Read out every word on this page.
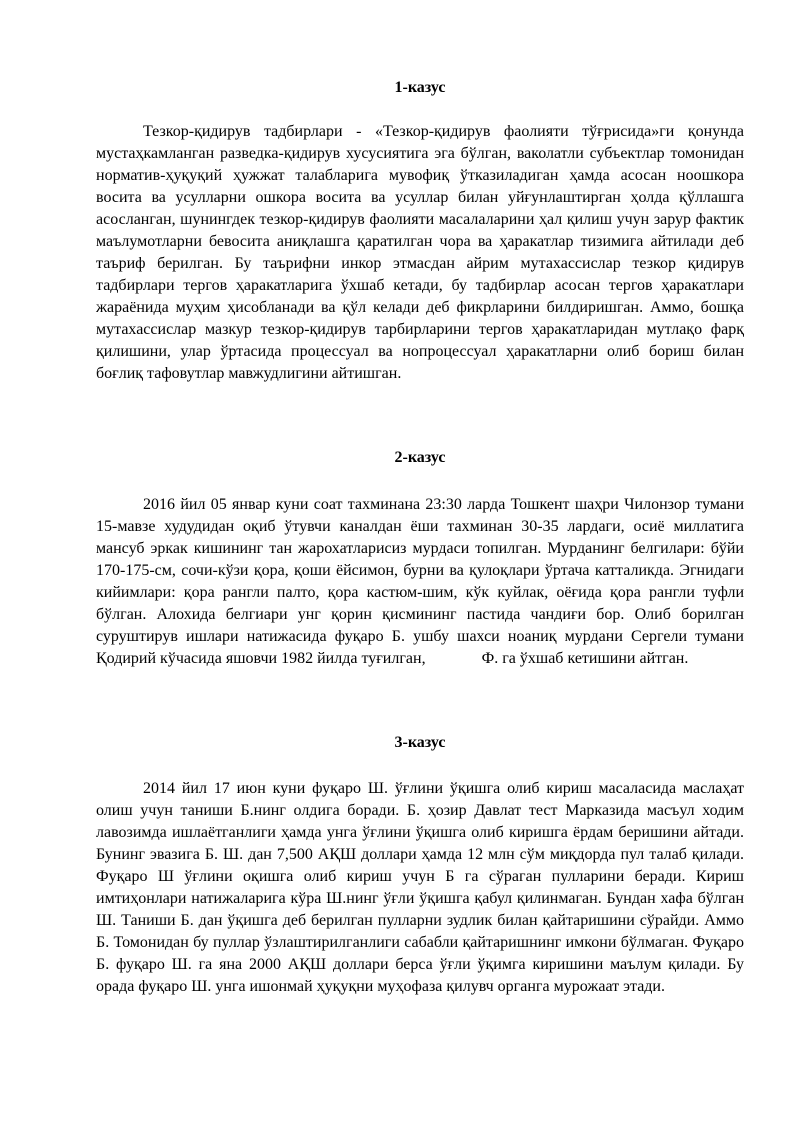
1-казус

Тезкор-қидирув тадбирлари - «Тезкор-қидирув фаолияти тўғрисида»ги қонунда мустаҳкамланган разведка-қидирув хусусиятига эга бўлган, ваколатли субъектлар томонидан норматив-ҳуқуқий ҳужжат талабларига мувофиқ ўтказиладиган ҳамда асосан ноошкора восита ва усулларни ошкора восита ва усуллар билан уйғунлаштирган ҳолда қўллашга асосланган, шунингдек тезкор-қидирув фаолияти масалаларини ҳал қилиш учун зарур фактик маълумотларни бевосита аниқлашга қаратилган чора ва ҳаракатлар тизимига айтилади деб таъриф берилган. Бу таърифни инкор этмасдан айрим мутахассислар тезкор қидирув тадбирлари тергов ҳаракатларига ўхшаб кетади, бу тадбирлар асосан тергов ҳаракатлари жараёнида муҳим ҳисобланади ва қўл келади деб фикрларини билдиришган. Аммо, бошқа мутахассислар мазкур тезкор-қидирув тарбирларини тергов ҳаракатларидан мутлақо фарқ қилишини, улар ўртасида процессуал ва нопроцессуал ҳаракатларни олиб бориш билан боғлиқ тафовутлар мавжудлигини айтишган.

2-казус

2016 йил 05 январ куни соат тахминана 23:30 ларда Тошкент шаҳри Чилонзор тумани 15-мавзе худудидан оқиб ўтувчи каналдан ёши тахминан 30-35 лардаги, осиё миллатига мансуб эркак кишининг тан жарохатларисиз мурдаси топилган. Мурданинг белгилари: бўйи 170-175-см, сочи-кўзи қора, қоши ёйсимон, бурни ва қулоқлари ўртача катталикда. Эгнидаги кийимлари: қора рангли палто, қора кастюм-шим, кўк куйлак, оёғида қора рангли туфли бўлган. Алохида белгиари унг қорин қисмининг пастида чандиғи бор. Олиб борилган суруштирув ишлари натижасида фуқаро Б. ушбу шахси ноаниқ мурдани Сергели тумани Қодирий кўчасида яшовчи 1982 йилда туғилган,              Ф. га ўхшаб кетишини айтган.

3-казус

2014 йил 17 июн куни фуқаро Ш. ўғлини ўқишга олиб кириш масаласида маслаҳат олиш учун таниши Б.нинг олдига боради. Б. ҳозир Давлат тест Марказида масъул ходим лавозимда ишлаётганлиги ҳамда унга ўғлини ўқишга олиб киришга ёрдам беришини айтади. Бунинг эвазига Б. Ш. дан 7,500 АҚШ доллари ҳамда 12 млн сўм миқдорда пул талаб қилади. Фуқаро Ш ўғлини оқишга олиб кириш учун Б га сўраган пулларини беради. Кириш имтиҳонлари натижаларига кўра Ш.нинг ўғли ўқишга қабул қилинмаган. Бундан хафа бўлган Ш. Таниши Б. дан ўқишга деб берилган пулларни зудлик билан қайтаришини сўрайди. Аммо Б. Томонидан бу пуллар ўзлаштирилганлиги сабабли қайтаришнинг имкони бўлмаган. Фуқаро Б. фуқаро Ш. га яна 2000 АҚШ доллари берса ўғли ўқимга киришини маълум қилади. Бу орада фуқаро Ш. унга ишонмай ҳуқуқни муҳофаза қилувч органга мурожаат этади.
